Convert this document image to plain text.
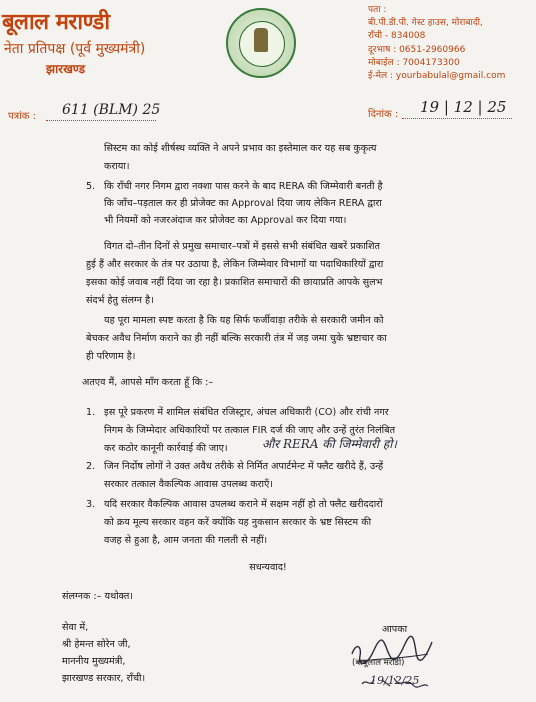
बूलाल मराण्डी
नेता प्रतिपक्ष (पूर्व मुख्यमंत्री)
झारखण्ड
पता :
बी.पी.डी.पी. गेस्ट हाउस, मोराबादी,
राँची - 834008
दूरभाष : 0651-2960966
मोबाईल : 7004173300
ई-मेल : yourbabulal@gmail.com
पत्रांक : 611 (BLM) 25	दिनांक : 19 | 12 | 25

सिस्टम का कोई शीर्षस्थ व्यक्ति ने अपने प्रभाव का इस्तेमाल कर यह सब कुकृत्य

कराया।

5. कि राँची नगर निगम द्वारा नक्शा पास करने के बाद RERA की जिम्मेवारी बनती है

कि जाँच–पड़ताल कर ही प्रोजेक्ट का Approval दिया जाय लेकिन RERA द्वारा

भी नियमों को नजरअंदाज कर प्रोजेक्ट का Approval कर दिया गया।

विगत दो–तीन दिनों से प्रमुख समाचार–पत्रों में इससे सभी संबंधित खबरें प्रकाशित

हुई हैं और सरकार के तंत्र पर उठाया है, लेकिन जिम्मेवार विभागों या पदाधिकारियों द्वारा

इसका कोई जवाब नहीं दिया जा रहा है। प्रकाशित समाचारों की छायाप्रति आपके सुलभ

संदर्भ हेतु संलग्न है।

यह पूरा मामला स्पष्ट करता है कि यह सिर्फ फर्जीवाड़ा तरीके से सरकारी जमीन को

बेचकर अवैध निर्माण कराने का ही नहीं बल्कि सरकारी तंत्र में जड़ जमा चुके भ्रष्टाचार का

ही परिणाम है।

अतएव मैं, आपसे माँग करता हूँ कि :–

1. इस पूरे प्रकरण में शामिल संबंधित रजिस्ट्रार, अंचल अधिकारी (CO) और रांची नगर

निगम के जिम्मेदार अधिकारियों पर तत्काल FIR दर्ज की जाए और उन्हें तुरंत निलंबित

कर कठोर कानूनी कार्रवाई की जाए।	और RERA की जिम्मेवारी हो।
2. जिन निर्दोष लोगों ने उक्त अवैध तरीके से निर्मित अपार्टमेन्ट में फ्लैट खरीदे हैं, उन्हें

सरकार तत्काल वैकल्पिक आवास उपलब्ध कराएँ।

3. यदि सरकार वैकल्पिक आवास उपलब्ध कराने में सक्षम नहीं हो तो फ्लैट खरीददारों

को क्रय मूल्य सरकार वहन करें क्योंकि यह नुकसान सरकार के भ्रष्ट सिस्टम की

वजह से हुआ है, आम जनता की गलती से नहीं।

सधन्यवाद!

संलग्नक :– यथोक्त।

सेवा में,

श्री हेमन्त सोरेन जी,

माननीय मुख्यमंत्री,

झारखण्ड सरकार, राँची।

आपका

(बाबूलाल मरांडी)
19/12/25
